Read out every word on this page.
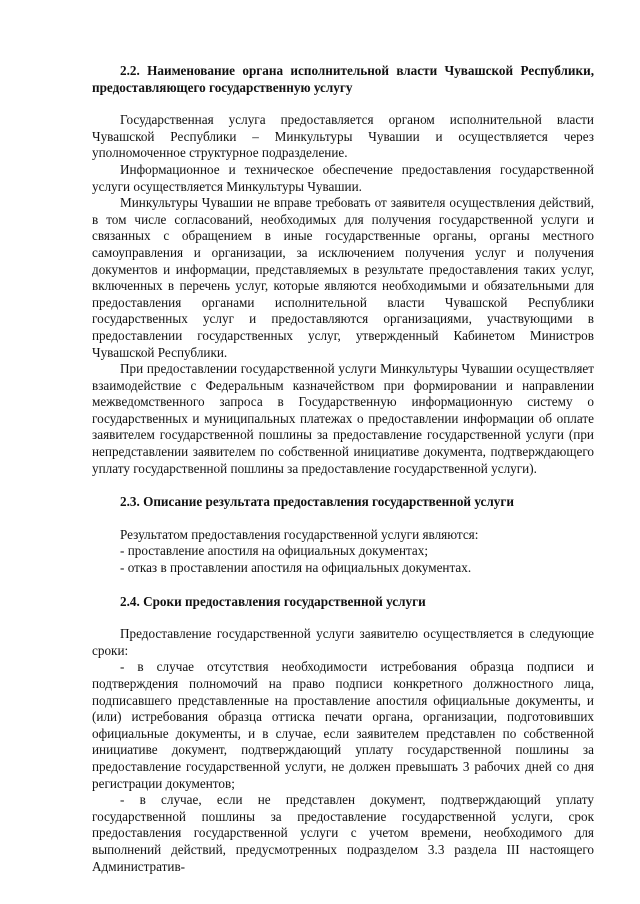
2.2. Наименование органа исполнительной власти Чувашской Республики, предоставляющего государственную услугу

Государственная услуга предоставляется органом исполнительной власти Чувашской Республики – Минкультуры Чувашии и осуществляется через уполномоченное структурное подразделение.

Информационное и техническое обеспечение предоставления государственной услуги осуществляется Минкультуры Чувашии.

Минкультуры Чувашии не вправе требовать от заявителя осуществления действий, в том числе согласований, необходимых для получения государственной услуги и связанных с обращением в иные государственные органы, органы местного самоуправления и организации, за исключением получения услуг и получения документов и информации, представляемых в результате предоставления таких услуг, включенных в перечень услуг, которые являются необходимыми и обязательными для предоставления органами исполнительной власти Чувашской Республики государственных услуг и предоставляются организациями, участвующими в предоставлении государственных услуг, утвержденный Кабинетом Министров Чувашской Республики.

При предоставлении государственной услуги Минкультуры Чувашии осуществляет взаимодействие с Федеральным казначейством при формировании и направлении межведомственного запроса в Государственную информационную систему о государственных и муниципальных платежах о предоставлении информации об оплате заявителем государственной пошлины за предоставление государственной услуги (при непредставлении заявителем по собственной инициативе документа, подтверждающего уплату государственной пошлины за предоставление государственной услуги).

2.3. Описание результата предоставления государственной услуги

Результатом предоставления государственной услуги являются:

- проставление апостиля на официальных документах;

- отказ в проставлении апостиля на официальных документах.

2.4. Сроки предоставления государственной услуги

Предоставление государственной услуги заявителю осуществляется в следующие сроки:

- в случае отсутствия необходимости истребования образца подписи и подтверждения полномочий на право подписи конкретного должностного лица, подписавшего представленные на проставление апостиля официальные документы, и (или) истребования образца оттиска печати органа, организации, подготовивших официальные документы, и в случае, если заявителем представлен по собственной инициативе документ, подтверждающий уплату государственной пошлины за предоставление государственной услуги, не должен превышать 3 рабочих дней со дня регистрации документов;

- в случае, если не представлен документ, подтверждающий уплату государственной пошлины за предоставление государственной услуги, срок предоставления государственной услуги с учетом времени, необходимого для выполнений действий, предусмотренных подразделом 3.3 раздела III настоящего Административ-
